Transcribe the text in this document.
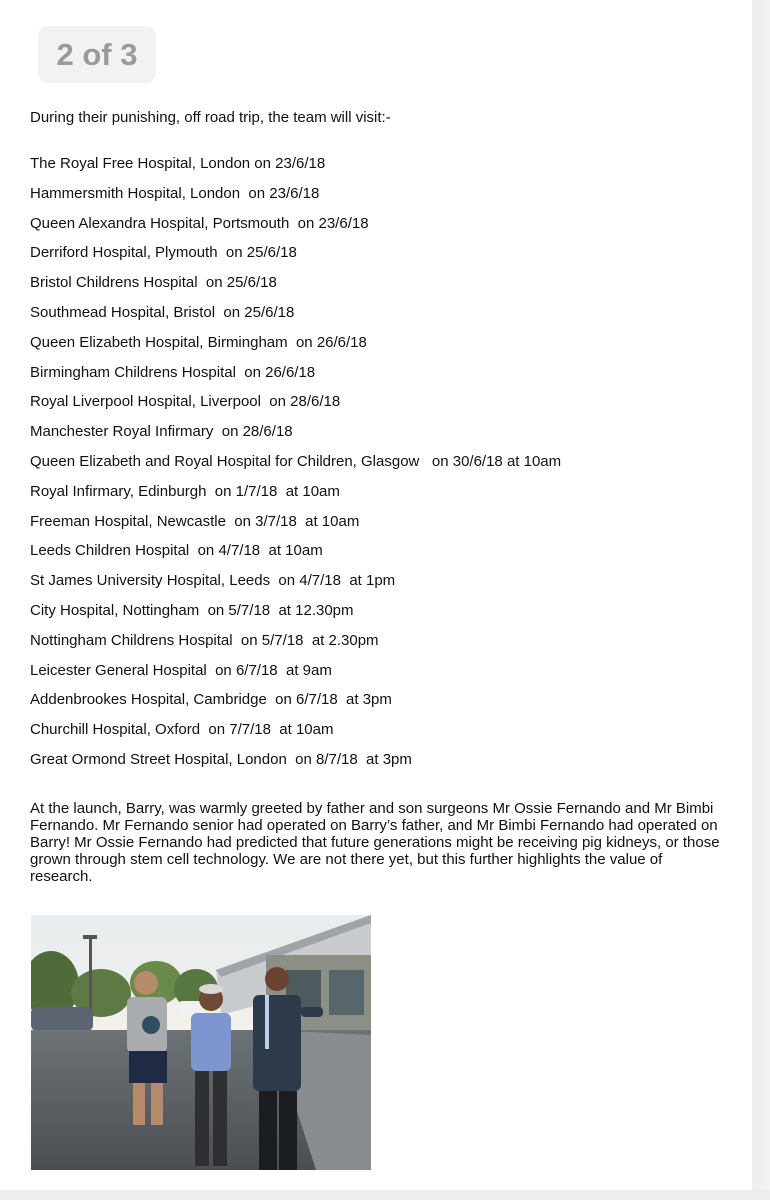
2 of 3
During their punishing, off road trip, the team will visit:-
The Royal Free Hospital, London on 23/6/18
Hammersmith Hospital, London  on 23/6/18
Queen Alexandra Hospital, Portsmouth  on 23/6/18
Derriford Hospital, Plymouth  on 25/6/18
Bristol Childrens Hospital  on 25/6/18
Southmead Hospital, Bristol  on 25/6/18
Queen Elizabeth Hospital, Birmingham  on 26/6/18
Birmingham Childrens Hospital  on 26/6/18
Royal Liverpool Hospital, Liverpool  on 28/6/18
Manchester Royal Infirmary  on 28/6/18
Queen Elizabeth and Royal Hospital for Children, Glasgow   on 30/6/18 at 10am
Royal Infirmary, Edinburgh  on 1/7/18  at 10am
Freeman Hospital, Newcastle  on 3/7/18  at 10am
Leeds Children Hospital  on 4/7/18  at 10am
St James University Hospital, Leeds  on 4/7/18  at 1pm
City Hospital, Nottingham  on 5/7/18  at 12.30pm
Nottingham Childrens Hospital  on 5/7/18  at 2.30pm
Leicester General Hospital  on 6/7/18  at 9am
Addenbrookes Hospital, Cambridge  on 6/7/18  at 3pm
Churchill Hospital, Oxford  on 7/7/18  at 10am
Great Ormond Street Hospital, London  on 8/7/18  at 3pm

At the launch, Barry, was warmly greeted by father and son surgeons Mr Ossie Fernando and Mr Bimbi Fernando. Mr Fernando senior had operated on Barry’s father, and Mr Bimbi Fernando had operated on Barry! Mr Ossie Fernando had predicted that future generations might be receiving pig kidneys, or those grown through stem cell technology. We are not there yet, but this further highlights the value of research.
